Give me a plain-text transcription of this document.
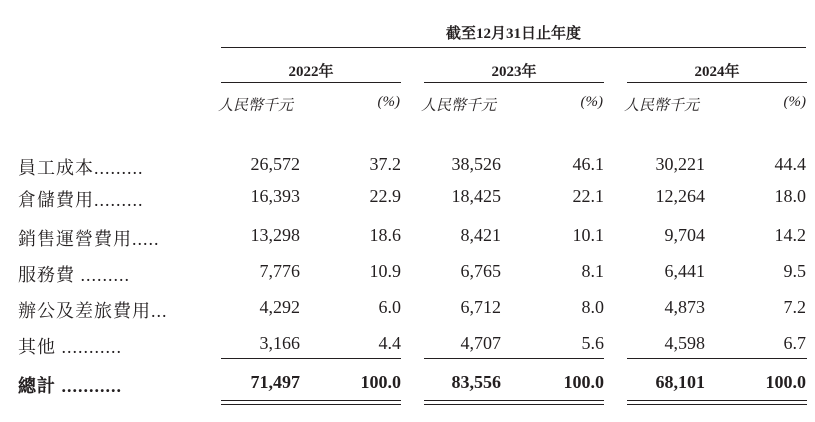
截至12月31日止年度
2022年	2023年	2024年
人民幣千元	(%) 人民幣千元	(%) 人民幣千元	(%)
員工成本.........	26,572	37.2	38,526	46.1	30,221	44.4
倉儲費用.........	16,393	22.9	18,425	22.1	12,264	18.0
銷售運營費用.....	13,298	18.6	8,421	10.1	9,704	14.2
服務費 .........	7,776	10.9	6,765	8.1	6,441	9.5
辦公及差旅費用...	4,292	6.0	6,712	8.0	4,873	7.2
其他 ...........	3,166	4.4	4,707	5.6	4,598	6.7
總計 ...........	71,497	100.0	83,556	100.0	68,101	100.0
